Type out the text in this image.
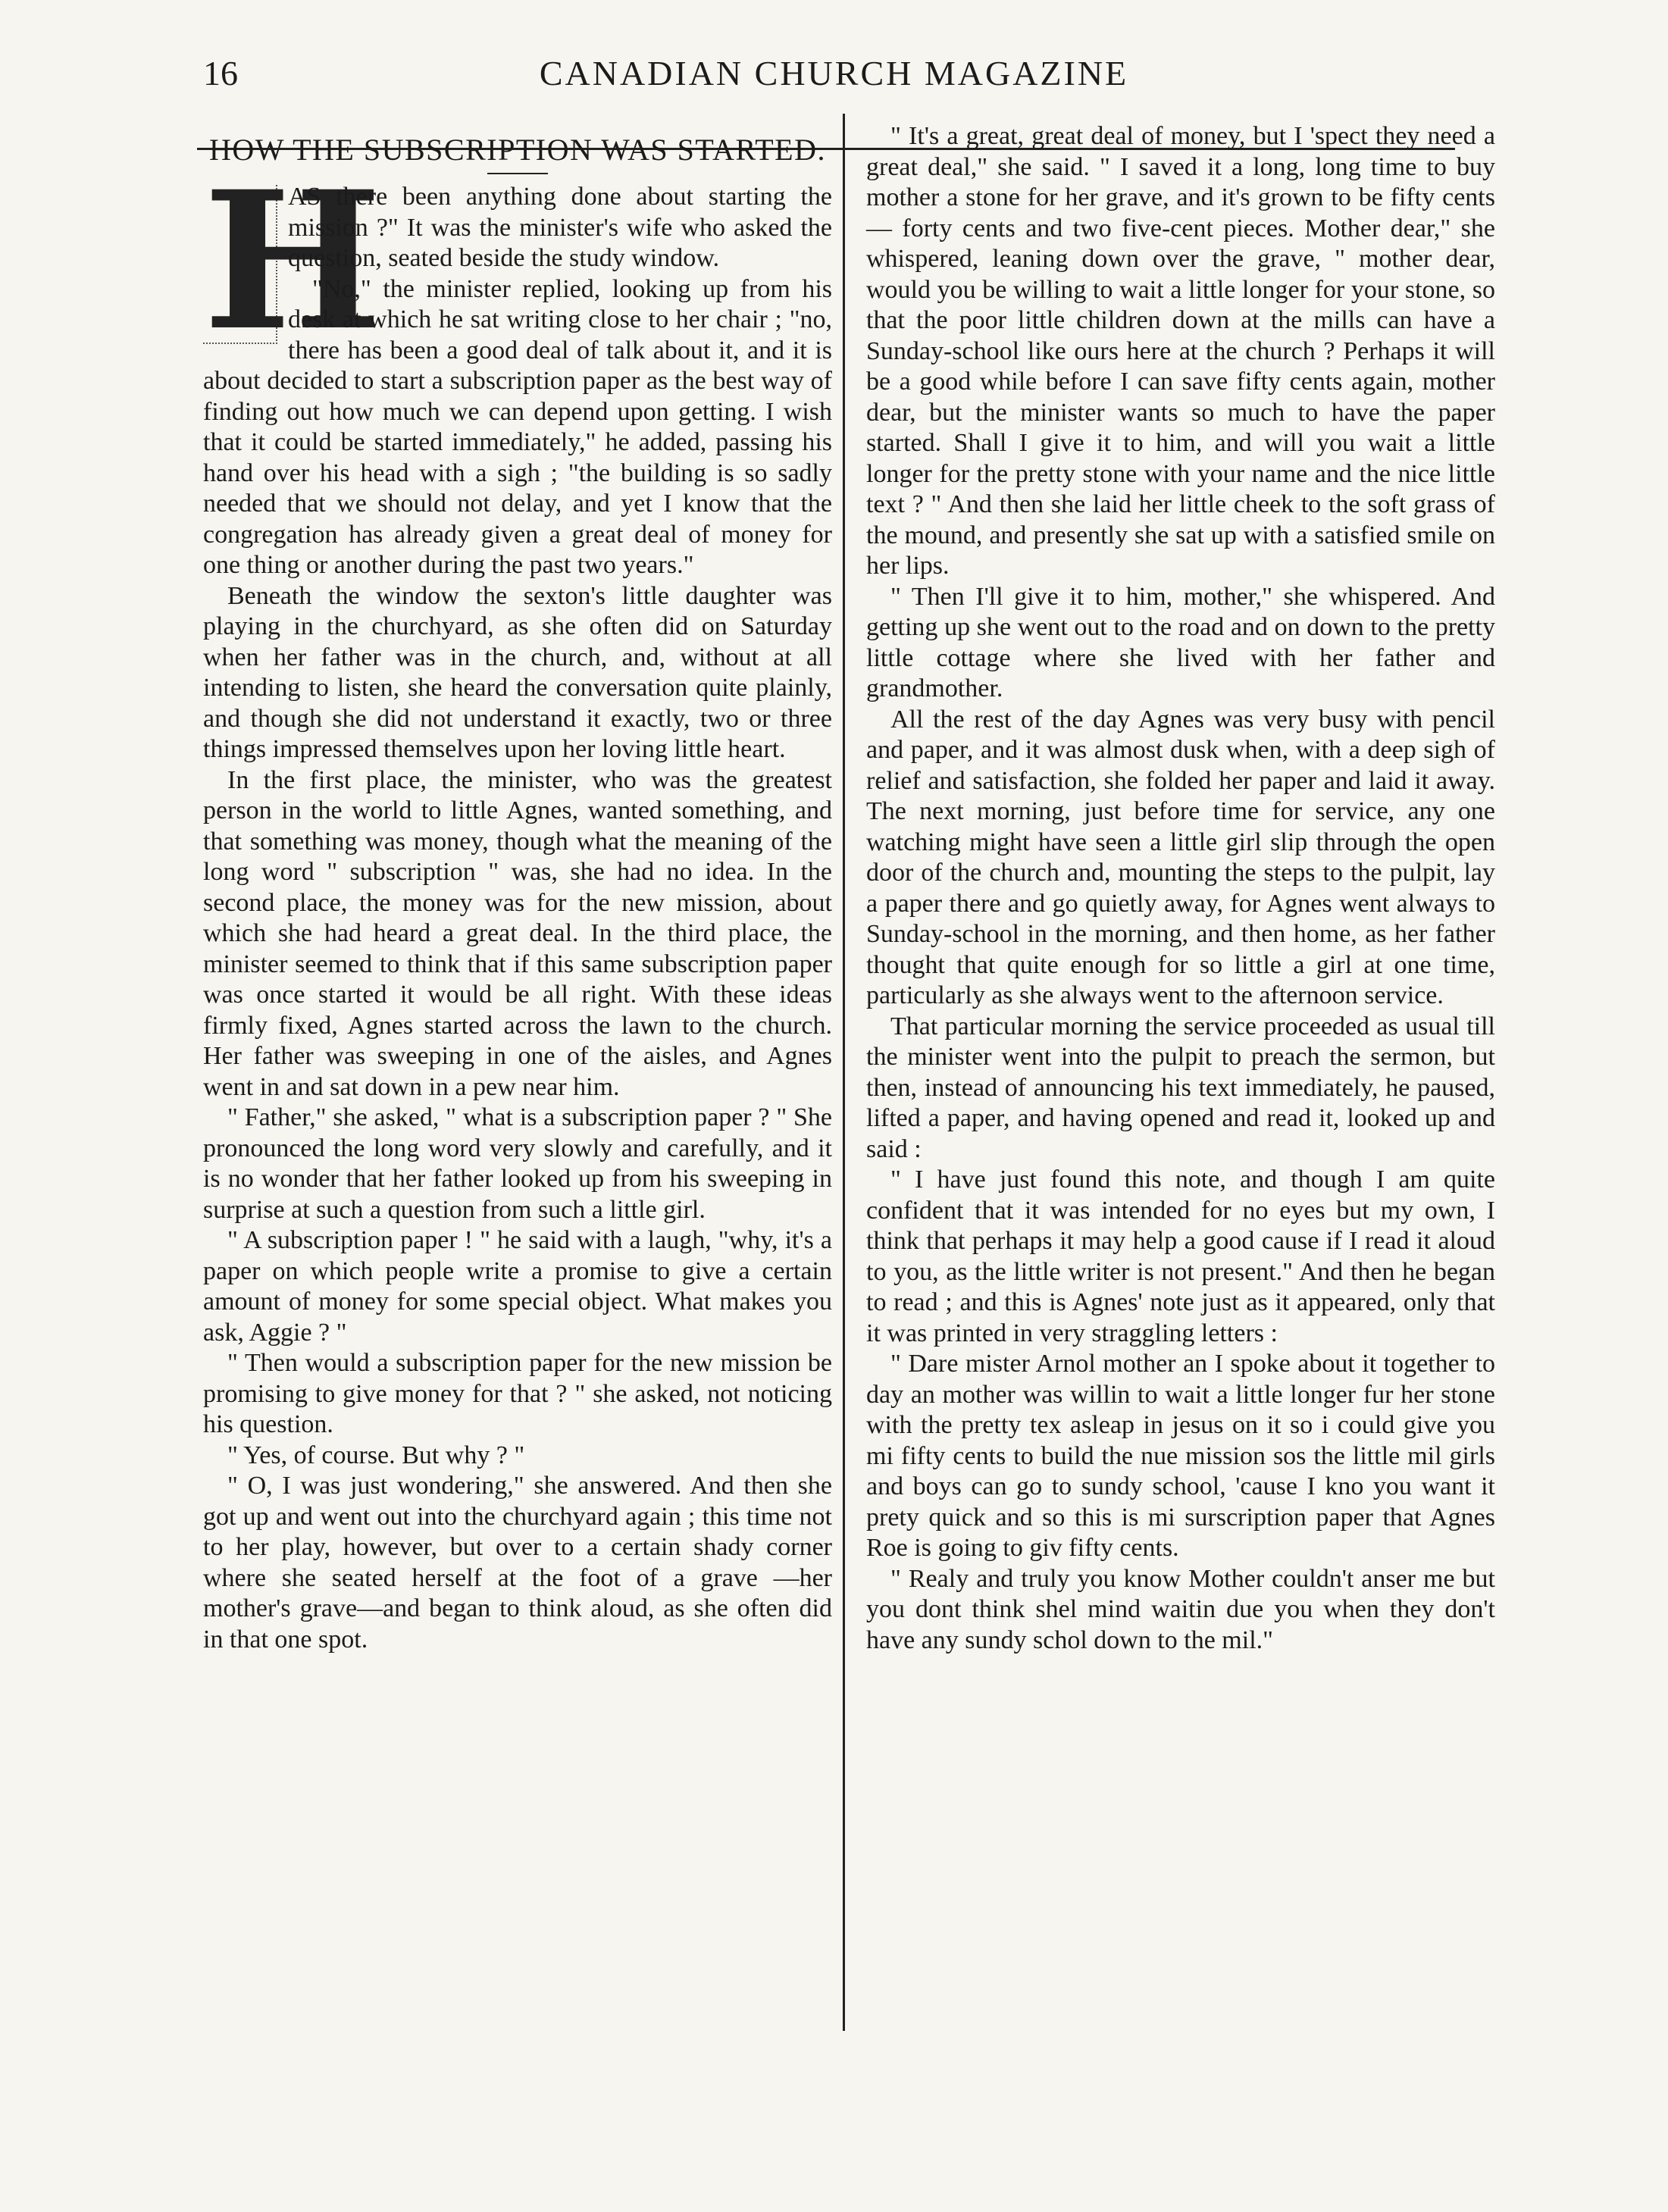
16	CANADIAN CHURCH MAGAZINE
HOW THE SUBSCRIPTION WAS STARTED.

H
AS there been anything done about starting the mission ?" It was the minister's wife who asked the question, seated beside the study window.

"No," the minister replied, looking up from his desk at which he sat writing close to her chair ; "no, there has been a good deal of talk about it, and it is about decided to start a subscription paper as the best way of finding out how much we can depend upon getting. I wish that it could be started immediately," he added, passing his hand over his head with a sigh ; "the building is so sadly needed that we should not delay, and yet I know that the congregation has already given a great deal of money for one thing or another during the past two years."

Beneath the window the sexton's little daughter was playing in the churchyard, as she often did on Saturday when her father was in the church, and, without at all intending to listen, she heard the conversation quite plainly, and though she did not understand it exactly, two or three things impressed themselves upon her loving little heart.

In the first place, the minister, who was the greatest person in the world to little Agnes, wanted something, and that something was money, though what the meaning of the long word " subscription " was, she had no idea. In the second place, the money was for the new mission, about which she had heard a great deal. In the third place, the minister seemed to think that if this same subscription paper was once started it would be all right. With these ideas firmly fixed, Agnes started across the lawn to the church. Her father was sweeping in one of the aisles, and Agnes went in and sat down in a pew near him.

" Father," she asked, " what is a subscription paper ? " She pronounced the long word very slowly and carefully, and it is no wonder that her father looked up from his sweeping in surprise at such a question from such a little girl.

" A subscription paper ! " he said with a laugh, "why, it's a paper on which people write a promise to give a certain amount of money for some special object. What makes you ask, Aggie ? "

" Then would a subscription paper for the new mission be promising to give money for that ? " she asked, not noticing his question.

" Yes, of course. But why ? "

" O, I was just wondering," she answered. And then she got up and went out into the churchyard again ; this time not to her play, however, but over to a certain shady corner where she seated herself at the foot of a grave —her mother's grave—and began to think aloud, as she often did in that one spot.

" It's a great, great deal of money, but I 'spect they need a great deal," she said. " I saved it a long, long time to buy mother a stone for her grave, and it's grown to be fifty cents— forty cents and two five-cent pieces. Mother dear," she whispered, leaning down over the grave, " mother dear, would you be willing to wait a little longer for your stone, so that the poor little children down at the mills can have a Sunday-school like ours here at the church ? Perhaps it will be a good while before I can save fifty cents again, mother dear, but the minister wants so much to have the paper started. Shall I give it to him, and will you wait a little longer for the pretty stone with your name and the nice little text ? " And then she laid her little cheek to the soft grass of the mound, and presently she sat up with a satisfied smile on her lips.

" Then I'll give it to him, mother," she whispered. And getting up she went out to the road and on down to the pretty little cottage where she lived with her father and grandmother.

All the rest of the day Agnes was very busy with pencil and paper, and it was almost dusk when, with a deep sigh of relief and satisfaction, she folded her paper and laid it away. The next morning, just before time for service, any one watching might have seen a little girl slip through the open door of the church and, mounting the steps to the pulpit, lay a paper there and go quietly away, for Agnes went always to Sunday-school in the morning, and then home, as her father thought that quite enough for so little a girl at one time, particularly as she always went to the afternoon service.

That particular morning the service proceeded as usual till the minister went into the pulpit to preach the sermon, but then, instead of announcing his text immediately, he paused, lifted a paper, and having opened and read it, looked up and said :

" I have just found this note, and though I am quite confident that it was intended for no eyes but my own, I think that perhaps it may help a good cause if I read it aloud to you, as the little writer is not present." And then he began to read ; and this is Agnes' note just as it appeared, only that it was printed in very straggling letters :

" Dare mister Arnol mother an I spoke about it together to day an mother was willin to wait a little longer fur her stone with the pretty tex asleap in jesus on it so i could give you mi fifty cents to build the nue mission sos the little mil girls and boys can go to sundy school, 'cause I kno you want it prety quick and so this is mi surscription paper that Agnes Roe is going to giv fifty cents.

" Realy and truly you know Mother couldn't anser me but you dont think shel mind waitin due you when they don't have any sundy schol down to the mil."
